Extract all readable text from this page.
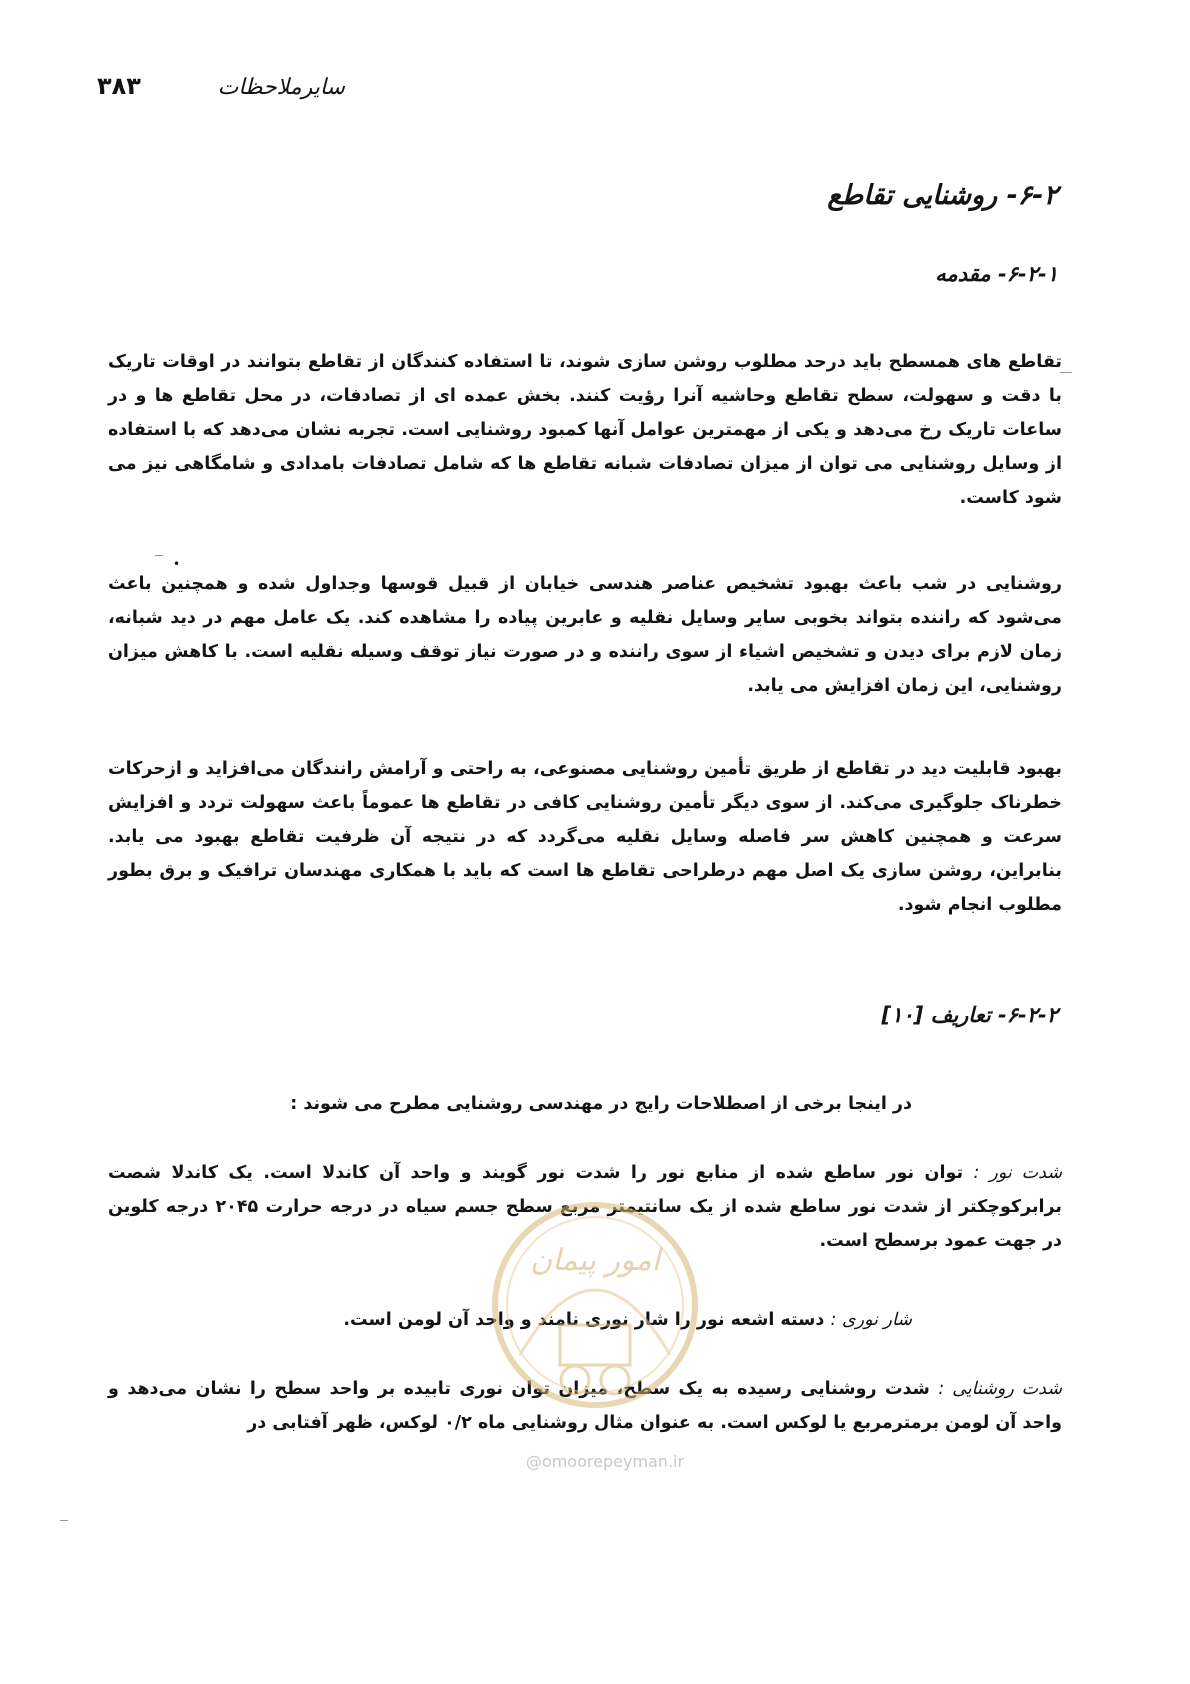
۳۸۳	سایرملاحظات
۶-۲- روشنایی تقاطع
۶-۲-۱- مقدمه
تقاطع های همسطح باید درحد مطلوب روشن سازی شوند، تا استفاده کنندگان از تقاطع بتوانند در اوقات تاریک با دقت و سهولت، سطح تقاطع وحاشیه آنرا رؤیت کنند. بخش عمده ای از تصادفات، در محل تقاطع ها و در ساعات تاریک رخ می‌دهد و یکی از مهمترین عوامل آنها کمبود روشنایی است. تجربه نشان می‌دهد که با استفاده از وسایل روشنایی می توان از میزان تصادفات شبانه تقاطع ها که شامل تصادفات بامدادی و شامگاهی نیز می شود کاست.
روشنایی در شب باعث بهبود تشخیص عناصر هندسی خیابان از قبیل قوسها وجداول شده و همچنین باعث می‌شود که راننده بتواند بخوبی سایر وسایل نقلیه و عابرین پیاده را مشاهده کند. یک عامل مهم در دید شبانه، زمان لازم برای دیدن و تشخیص اشیاء از سوی راننده و در صورت نیاز توقف وسیله نقلیه است. با کاهش میزان روشنایی، این زمان افزایش می یابد.
بهبود قابلیت دید در تقاطع از طریق تأمین روشنایی مصنوعی، به راحتی و آرامش رانندگان می‌افزاید و ازحرکات خطرناک جلوگیری می‌کند. از سوی دیگر تأمین روشنایی کافی در تقاطع ها عموماً باعث سهولت تردد و افزایش سرعت و همچنین کاهش سر فاصله وسایل نقلیه می‌گردد که در نتیجه آن ظرفیت تقاطع بهبود می یابد. بنابراین، روشن سازی یک اصل مهم درطراحی تقاطع ها است که باید با همکاری مهندسان ترافیک و برق بطور مطلوب انجام شود.
۶-۲-۲- تعاریف [۱۰]
در اینجا برخی از اصطلاحات رایج در مهندسی روشنایی مطرح می شوند :
شدت نور : توان نور ساطع شده از منابع نور را شدت نور گویند و واحد آن کاندلا است. یک کاندلا شصت برابرکوچکتر از شدت نور ساطع شده از یک سانتیمتر مربع سطح جسم سیاه در درجه حرارت ۲۰۴۵ درجه کلوین در جهت عمود برسطح است.
شار نوری : دسته اشعه نور را شار نوری نامند و واحد آن لومن است.
شدت روشنایی : شدت روشنایی رسیده به یک سطح، میزان توان نوری تابیده بر واحد سطح را نشان می‌دهد و واحد آن لومن برمترمربع یا لوکس است. به عنوان مثال روشنایی ماه ۰/۲ لوکس، ظهر آفتابی در
امور پیمان
@omoorepeyman.ir
•
